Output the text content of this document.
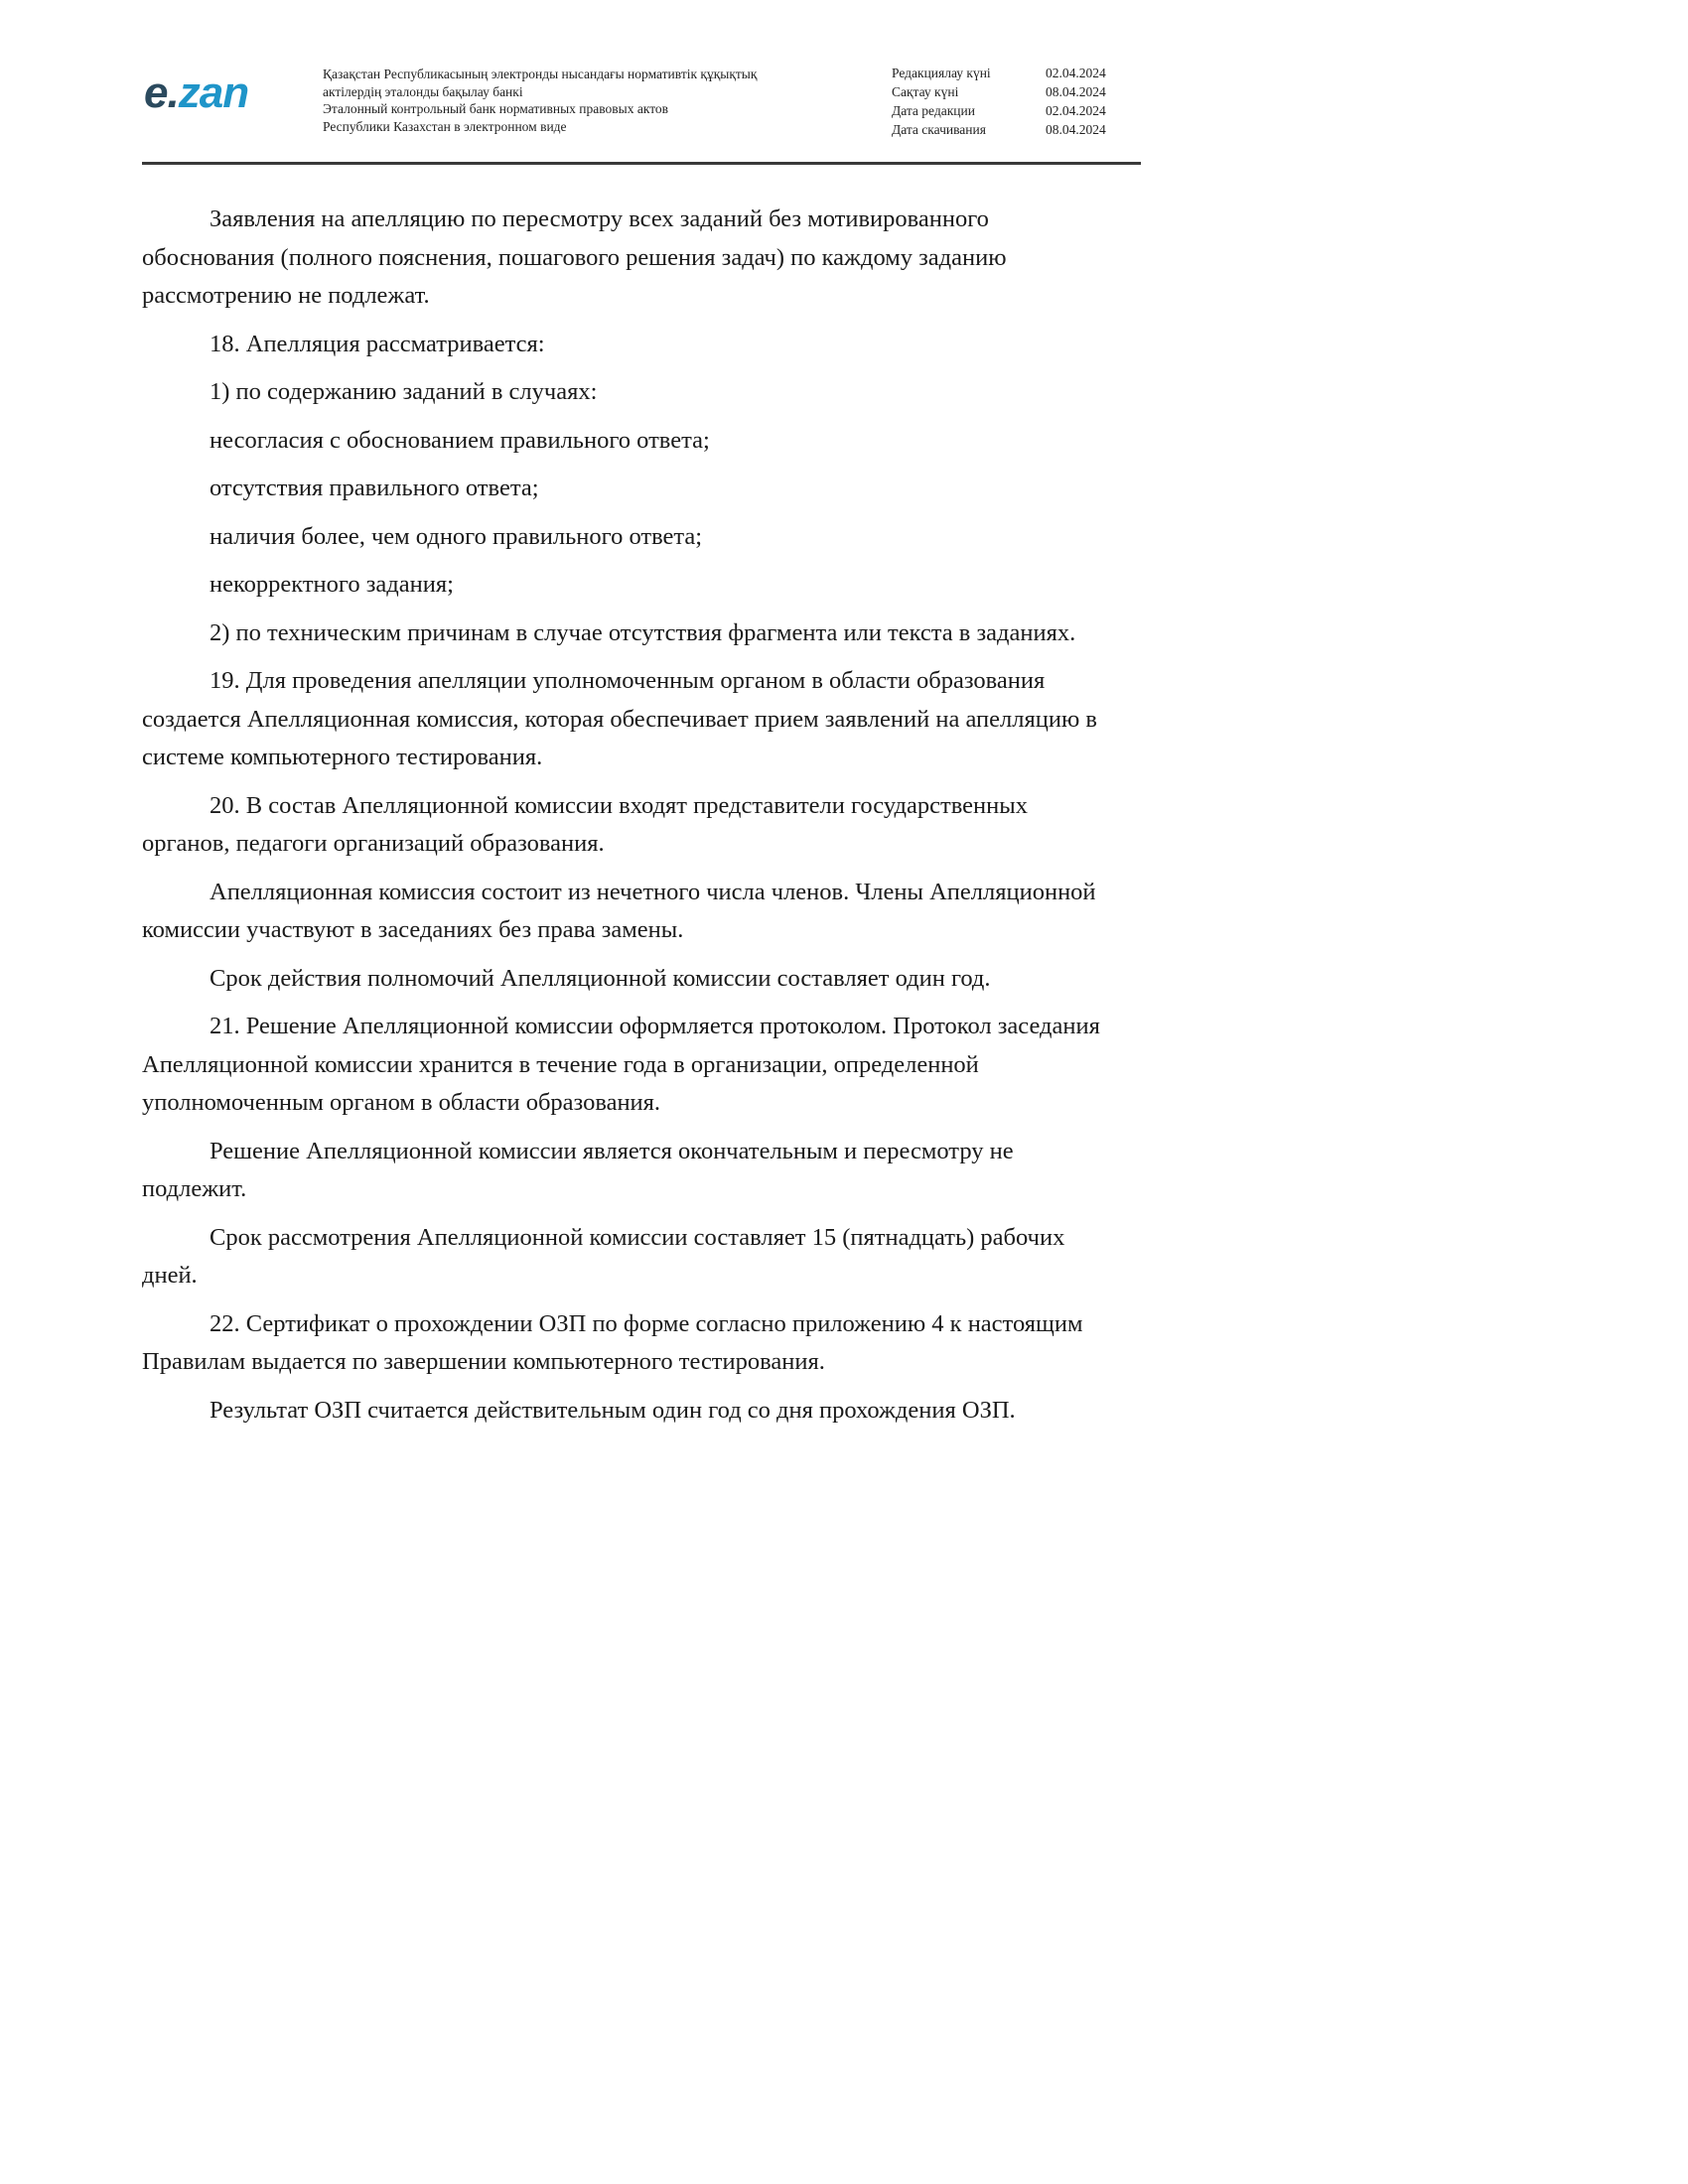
e.zan	Қазақстан Республикасының электронды нысандағы нормативтік құқықтық
актілердің эталонды бақылау банкі
Эталонный контрольный банк нормативных правовых актов
Республики Казахстан в электронном виде
Редакциялау күні	02.04.2024
Сақтау күні	08.04.2024
Дата редакции	02.04.2024
Дата скачивания	08.04.2024

Заявления на апелляцию по пересмотру всех заданий без мотивированного обоснования (полного пояснения, пошагового решения задач) по каждому заданию рассмотрению не подлежат.

18. Апелляция рассматривается:

1) по содержанию заданий в случаях:

несогласия с обоснованием правильного ответа;

отсутствия правильного ответа;

наличия более, чем одного правильного ответа;

некорректного задания;

2) по техническим причинам в случае отсутствия фрагмента или текста в заданиях.

19. Для проведения апелляции уполномоченным органом в области образования создается Апелляционная комиссия, которая обеспечивает прием заявлений на апелляцию в системе компьютерного тестирования.

20. В состав Апелляционной комиссии входят представители государственных органов, педагоги организаций образования.

Апелляционная комиссия состоит из нечетного числа членов. Члены Апелляционной комиссии участвуют в заседаниях без права замены.

Срок действия полномочий Апелляционной комиссии составляет один год.

21. Решение Апелляционной комиссии оформляется протоколом. Протокол заседания Апелляционной комиссии хранится в течение года в организации, определенной уполномоченным органом в области образования.

Решение Апелляционной комиссии является окончательным и пересмотру не подлежит.

Срок рассмотрения Апелляционной комиссии составляет 15 (пятнадцать) рабочих дней.

22. Сертификат о прохождении ОЗП по форме согласно приложению 4 к настоящим Правилам выдается по завершении компьютерного тестирования.

Результат ОЗП считается действительным один год со дня прохождения ОЗП.
